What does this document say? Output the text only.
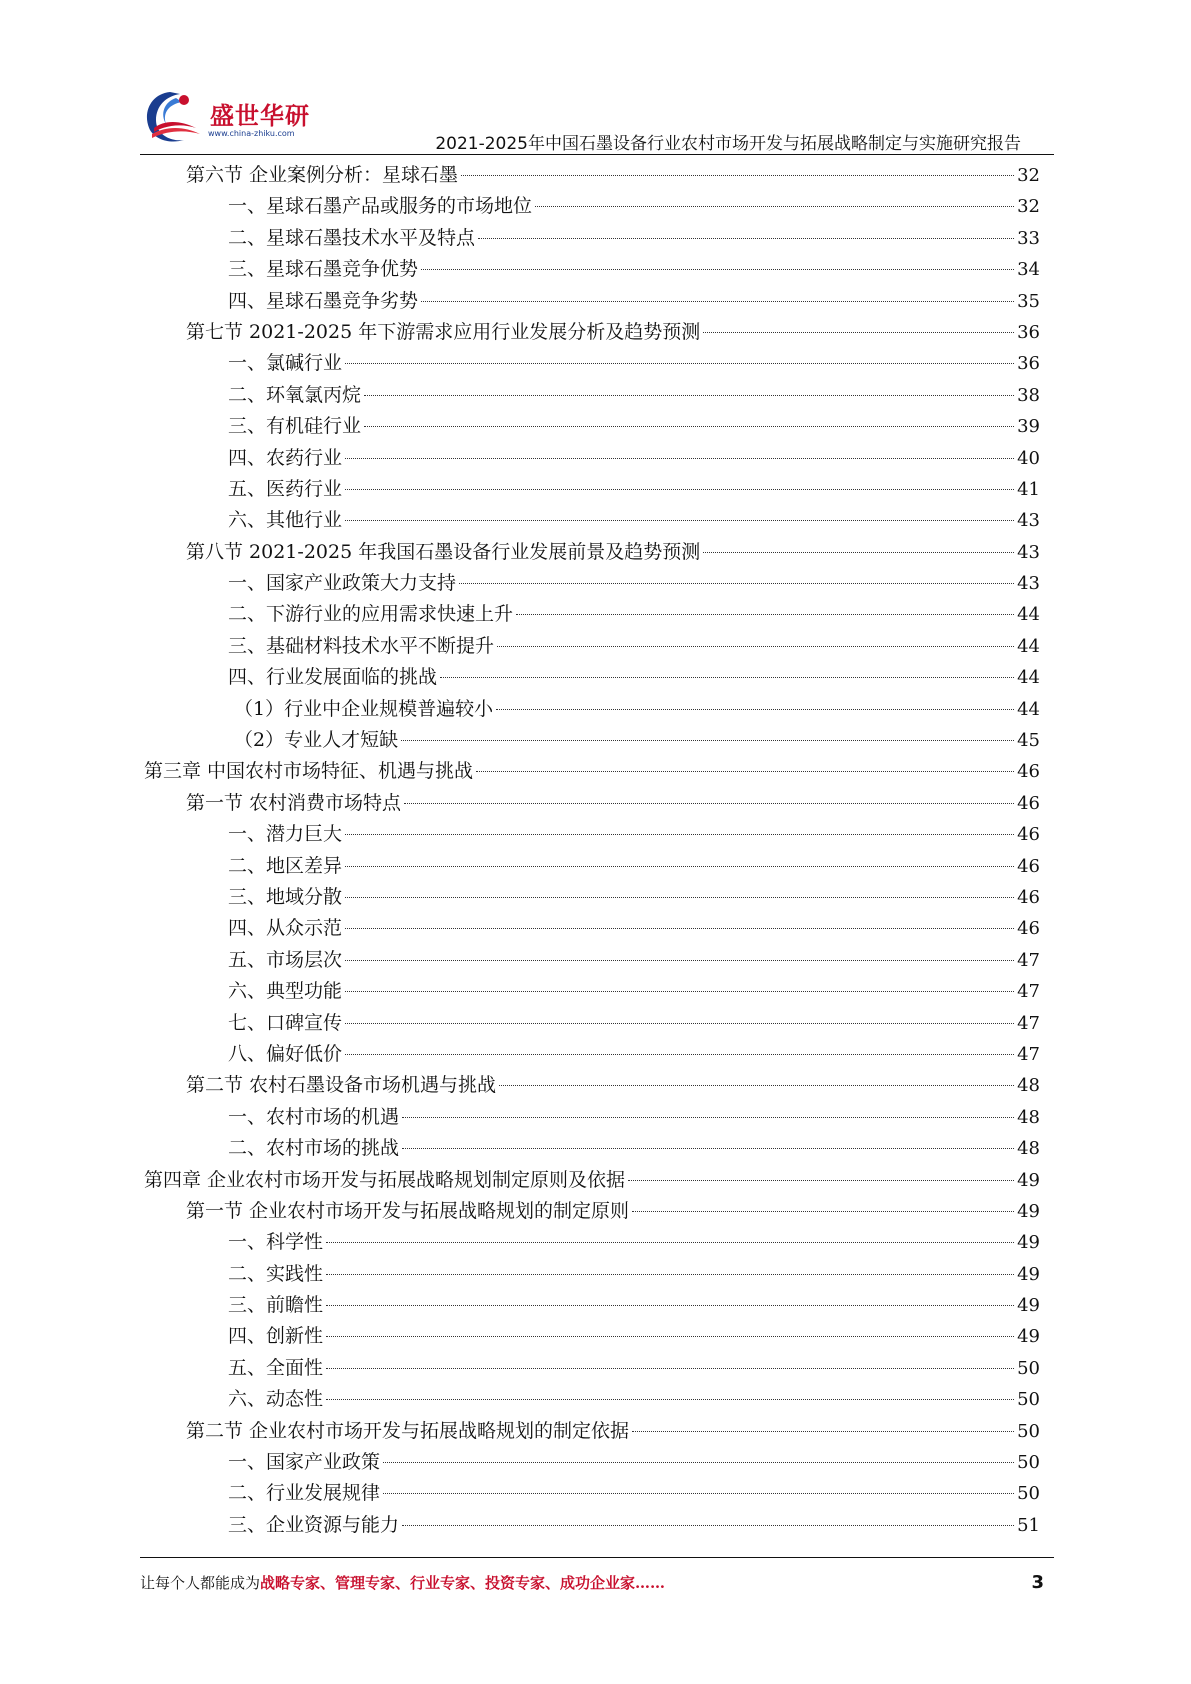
盛世华研
www.china-zhiku.com
2021-2025年中国石墨设备行业农村市场开发与拓展战略制定与实施研究报告
第六节 企业案例分析：星球石墨	32
一、星球石墨产品或服务的市场地位	32
二、星球石墨技术水平及特点	33
三、星球石墨竞争优势	34
四、星球石墨竞争劣势	35
第七节 2021-2025 年下游需求应用行业发展分析及趋势预测	36
一、氯碱行业	36
二、环氧氯丙烷	38
三、有机硅行业	39
四、农药行业	40
五、医药行业	41
六、其他行业	43
第八节 2021-2025 年我国石墨设备行业发展前景及趋势预测	43
一、国家产业政策大力支持	43
二、下游行业的应用需求快速上升	44
三、基础材料技术水平不断提升	44
四、行业发展面临的挑战	44
（1）行业中企业规模普遍较小	44
（2）专业人才短缺	45
第三章 中国农村市场特征、机遇与挑战	46
第一节 农村消费市场特点	46
一、潜力巨大	46
二、地区差异	46
三、地域分散	46
四、从众示范	46
五、市场层次	47
六、典型功能	47
七、口碑宣传	47
八、偏好低价	47
第二节 农村石墨设备市场机遇与挑战	48
一、农村市场的机遇	48
二、农村市场的挑战	48
第四章 企业农村市场开发与拓展战略规划制定原则及依据	49
第一节 企业农村市场开发与拓展战略规划的制定原则	49
一、科学性	49
二、实践性	49
三、前瞻性	49
四、创新性	49
五、全面性	50
六、动态性	50
第二节 企业农村市场开发与拓展战略规划的制定依据	50
一、国家产业政策	50
二、行业发展规律	50
三、企业资源与能力	51
让每个人都能成为战略专家、管理专家、行业专家、投资专家、成功企业家……	3
